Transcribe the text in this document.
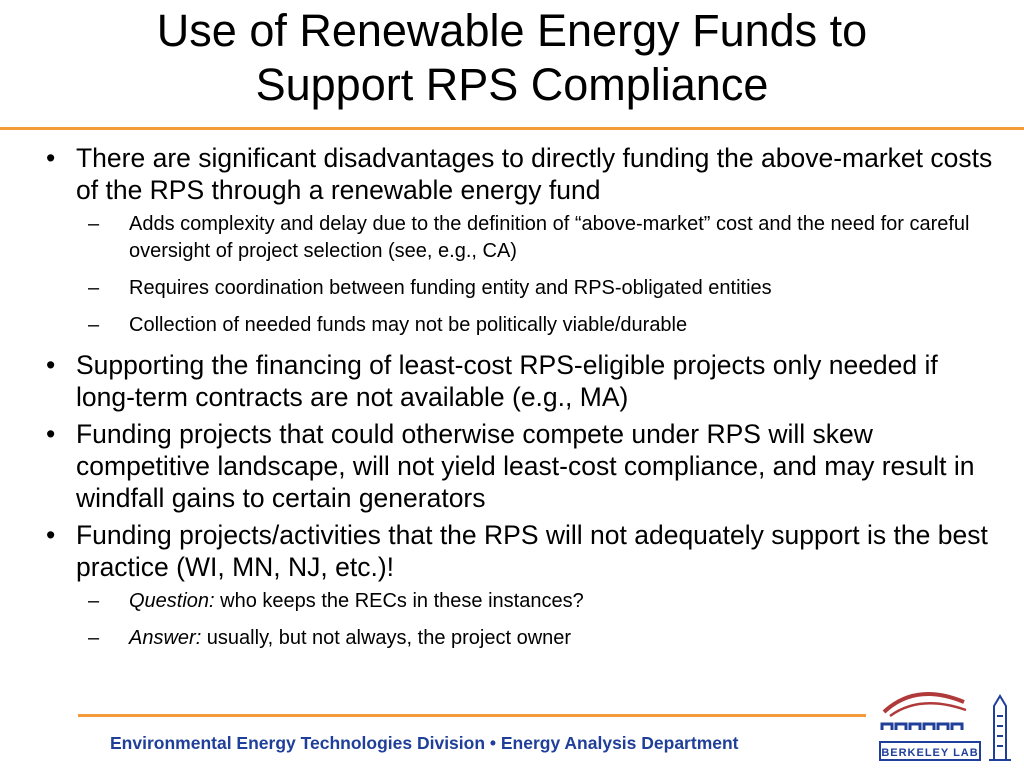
Use of Renewable Energy Funds to
Support RPS Compliance
• There are significant disadvantages to directly funding the above-market costs of the RPS through a renewable energy fund
– Adds complexity and delay due to the definition of “above-market” cost and the need for careful oversight of project selection (see, e.g., CA)
– Requires coordination between funding entity and RPS-obligated entities
– Collection of needed funds may not be politically viable/durable
• Supporting the financing of least-cost RPS-eligible projects only needed if long-term contracts are not available (e.g., MA)
• Funding projects that could otherwise compete under RPS will skew competitive landscape, will not yield least-cost compliance, and may result in windfall gains to certain generators
• Funding projects/activities that the RPS will not adequately support is the best practice (WI, MN, NJ, etc.)!
– Question: who keeps the RECs in these instances?
– Answer: usually, but not always, the project owner
Environmental Energy Technologies Division • Energy Analysis Department	BERKELEY LAB
